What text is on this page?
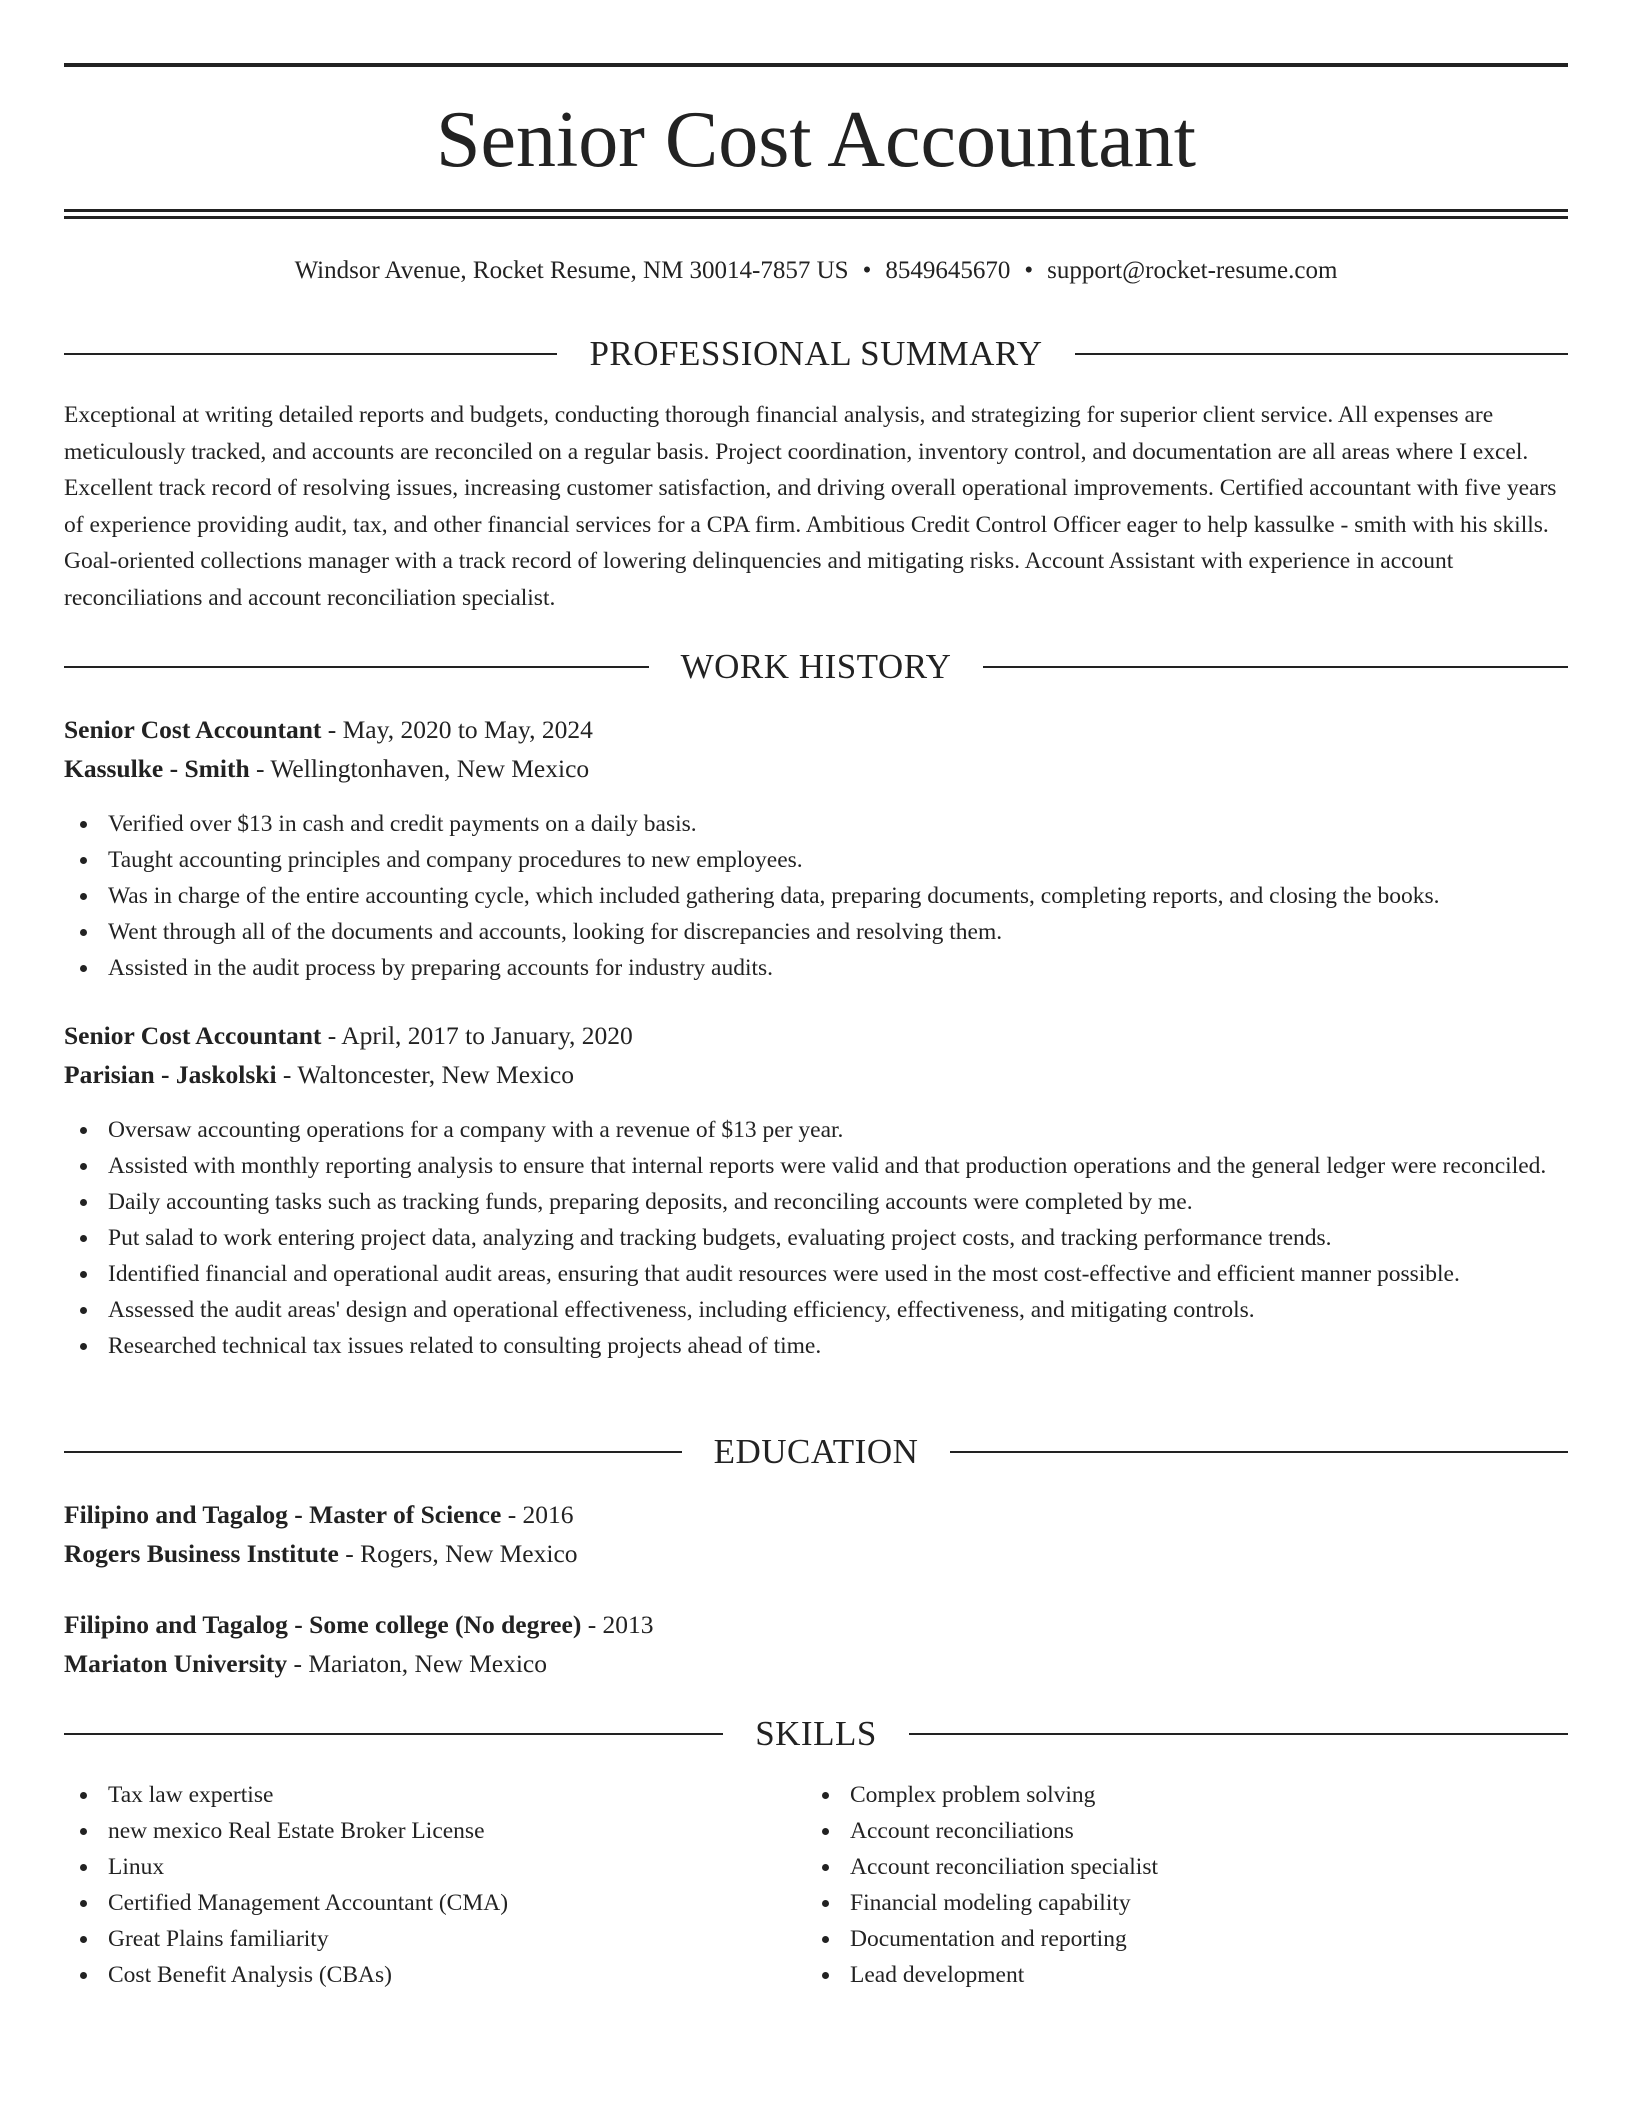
Senior Cost Accountant
Windsor Avenue, Rocket Resume, NM 30014-7857 US • 8549645670 • support@rocket-resume.com
PROFESSIONAL SUMMARY

Exceptional at writing detailed reports and budgets, conducting thorough financial analysis, and strategizing for superior client service. All expenses are meticulously tracked, and accounts are reconciled on a regular basis. Project coordination, inventory control, and documentation are all areas where I excel. Excellent track record of resolving issues, increasing customer satisfaction, and driving overall operational improvements. Certified accountant with five years of experience providing audit, tax, and other financial services for a CPA firm. Ambitious Credit Control Officer eager to help kassulke - smith with his skills. Goal-oriented collections manager with a track record of lowering delinquencies and mitigating risks. Account Assistant with experience in account reconciliations and account reconciliation specialist.

WORK HISTORY
Senior Cost Accountant - May, 2020 to May, 2024
Kassulke - Smith - Wellingtonhaven, New Mexico
Verified over $13 in cash and credit payments on a daily basis.
Taught accounting principles and company procedures to new employees.
Was in charge of the entire accounting cycle, which included gathering data, preparing documents, completing reports, and closing the books.
Went through all of the documents and accounts, looking for discrepancies and resolving them.
Assisted in the audit process by preparing accounts for industry audits.
Senior Cost Accountant - April, 2017 to January, 2020
Parisian - Jaskolski - Waltoncester, New Mexico
Oversaw accounting operations for a company with a revenue of $13 per year.
Assisted with monthly reporting analysis to ensure that internal reports were valid and that production operations and the general ledger were reconciled.
Daily accounting tasks such as tracking funds, preparing deposits, and reconciling accounts were completed by me.
Put salad to work entering project data, analyzing and tracking budgets, evaluating project costs, and tracking performance trends.
Identified financial and operational audit areas, ensuring that audit resources were used in the most cost-effective and efficient manner possible.
Assessed the audit areas' design and operational effectiveness, including efficiency, effectiveness, and mitigating controls.
Researched technical tax issues related to consulting projects ahead of time.
EDUCATION
Filipino and Tagalog - Master of Science - 2016
Rogers Business Institute - Rogers, New Mexico
Filipino and Tagalog - Some college (No degree) - 2013
Mariaton University - Mariaton, New Mexico
SKILLS
Tax law expertise
new mexico Real Estate Broker License
Linux
Certified Management Accountant (CMA)
Great Plains familiarity
Cost Benefit Analysis (CBAs)
Complex problem solving
Account reconciliations
Account reconciliation specialist
Financial modeling capability
Documentation and reporting
Lead development
